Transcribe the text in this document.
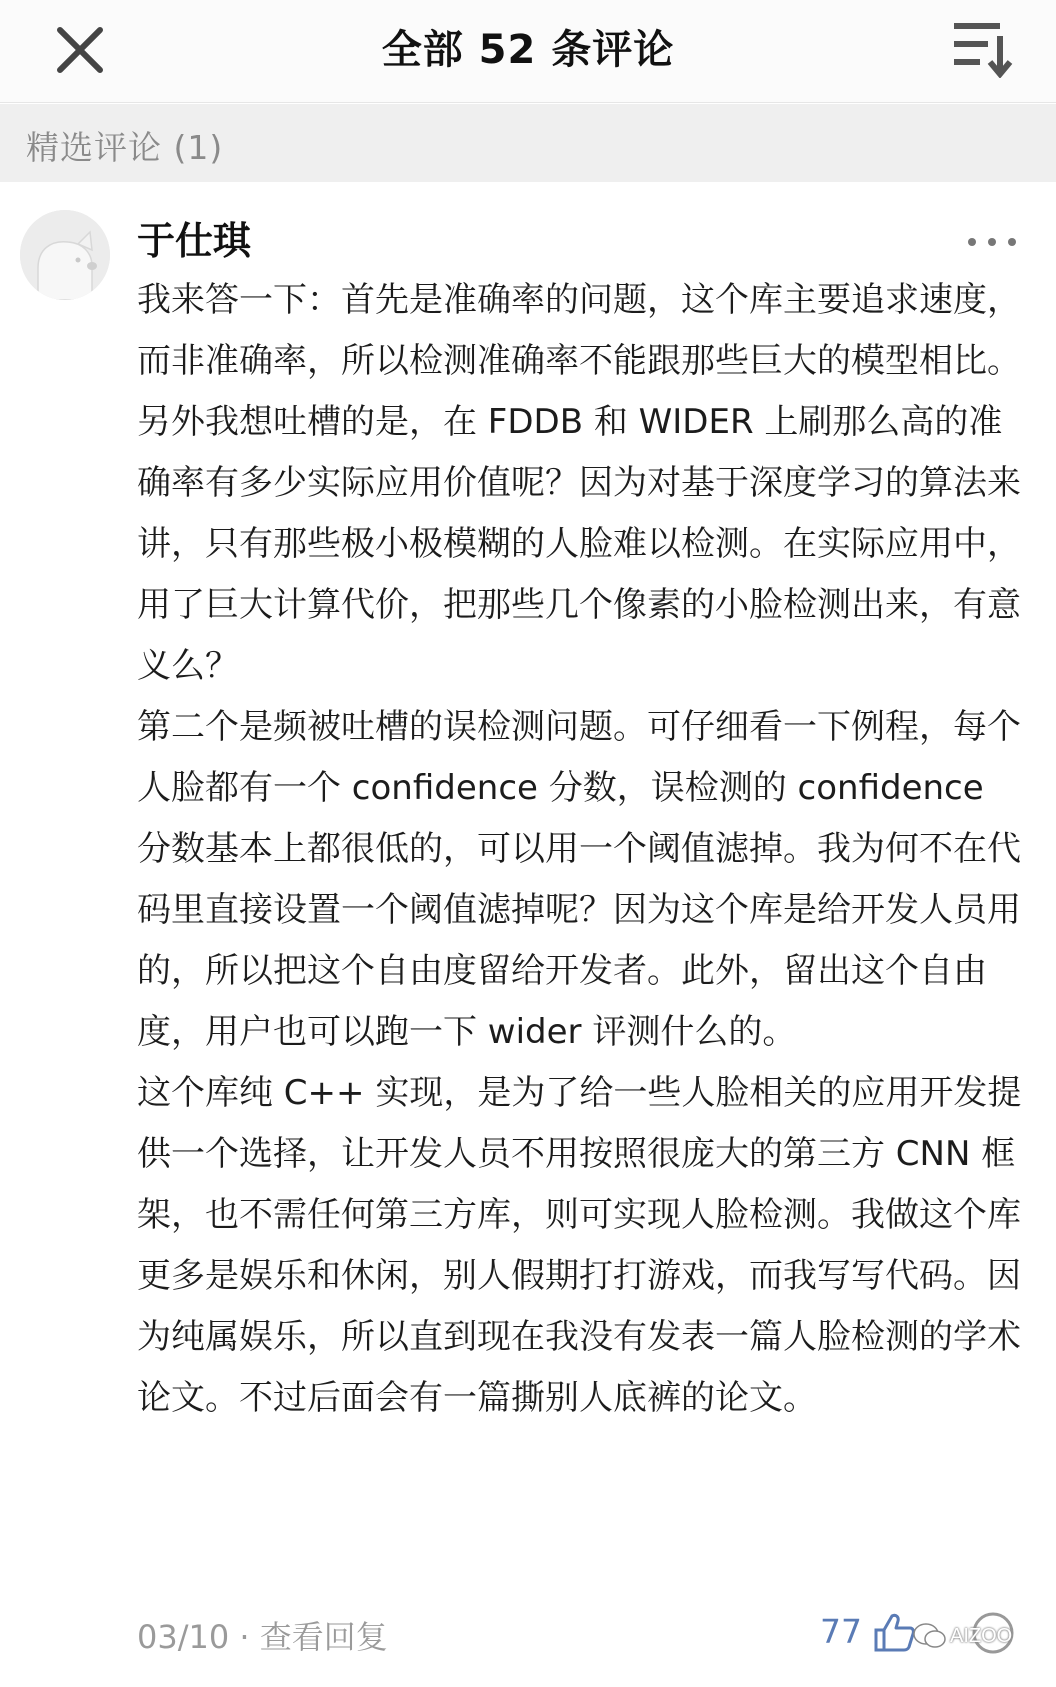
全部 52 条评论
精选评论 (1)
于仕琪

我来答一下：首先是准确率的问题，这个库主要追求速度，而非准确率，所以检测准确率不能跟那些巨大的模型相比。另外我想吐槽的是，在 FDDB 和 WIDER 上刷那么高的准确率有多少实际应用价值呢？因为对基于深度学习的算法来讲，只有那些极小极模糊的人脸难以检测。在实际应用中，用了巨大计算代价，把那些几个像素的小脸检测出来，有意义么？

第二个是频被吐槽的误检测问题。可仔细看一下例程，每个人脸都有一个 confidence 分数，误检测的 confidence 分数基本上都很低的，可以用一个阈值滤掉。我为何不在代码里直接设置一个阈值滤掉呢？因为这个库是给开发人员用的，所以把这个自由度留给开发者。此外，留出这个自由度，用户也可以跑一下 wider 评测什么的。

这个库纯 C++ 实现，是为了给一些人脸相关的应用开发提供一个选择，让开发人员不用按照很庞大的第三方 CNN 框架，也不需任何第三方库，则可实现人脸检测。我做这个库更多是娱乐和休闲，别人假期打打游戏，而我写写代码。因为纯属娱乐，所以直到现在我没有发表一篇人脸检测的学术论文。不过后面会有一篇撕别人底裤的论文。

03/10 · 查看回复	77	AIZOO
